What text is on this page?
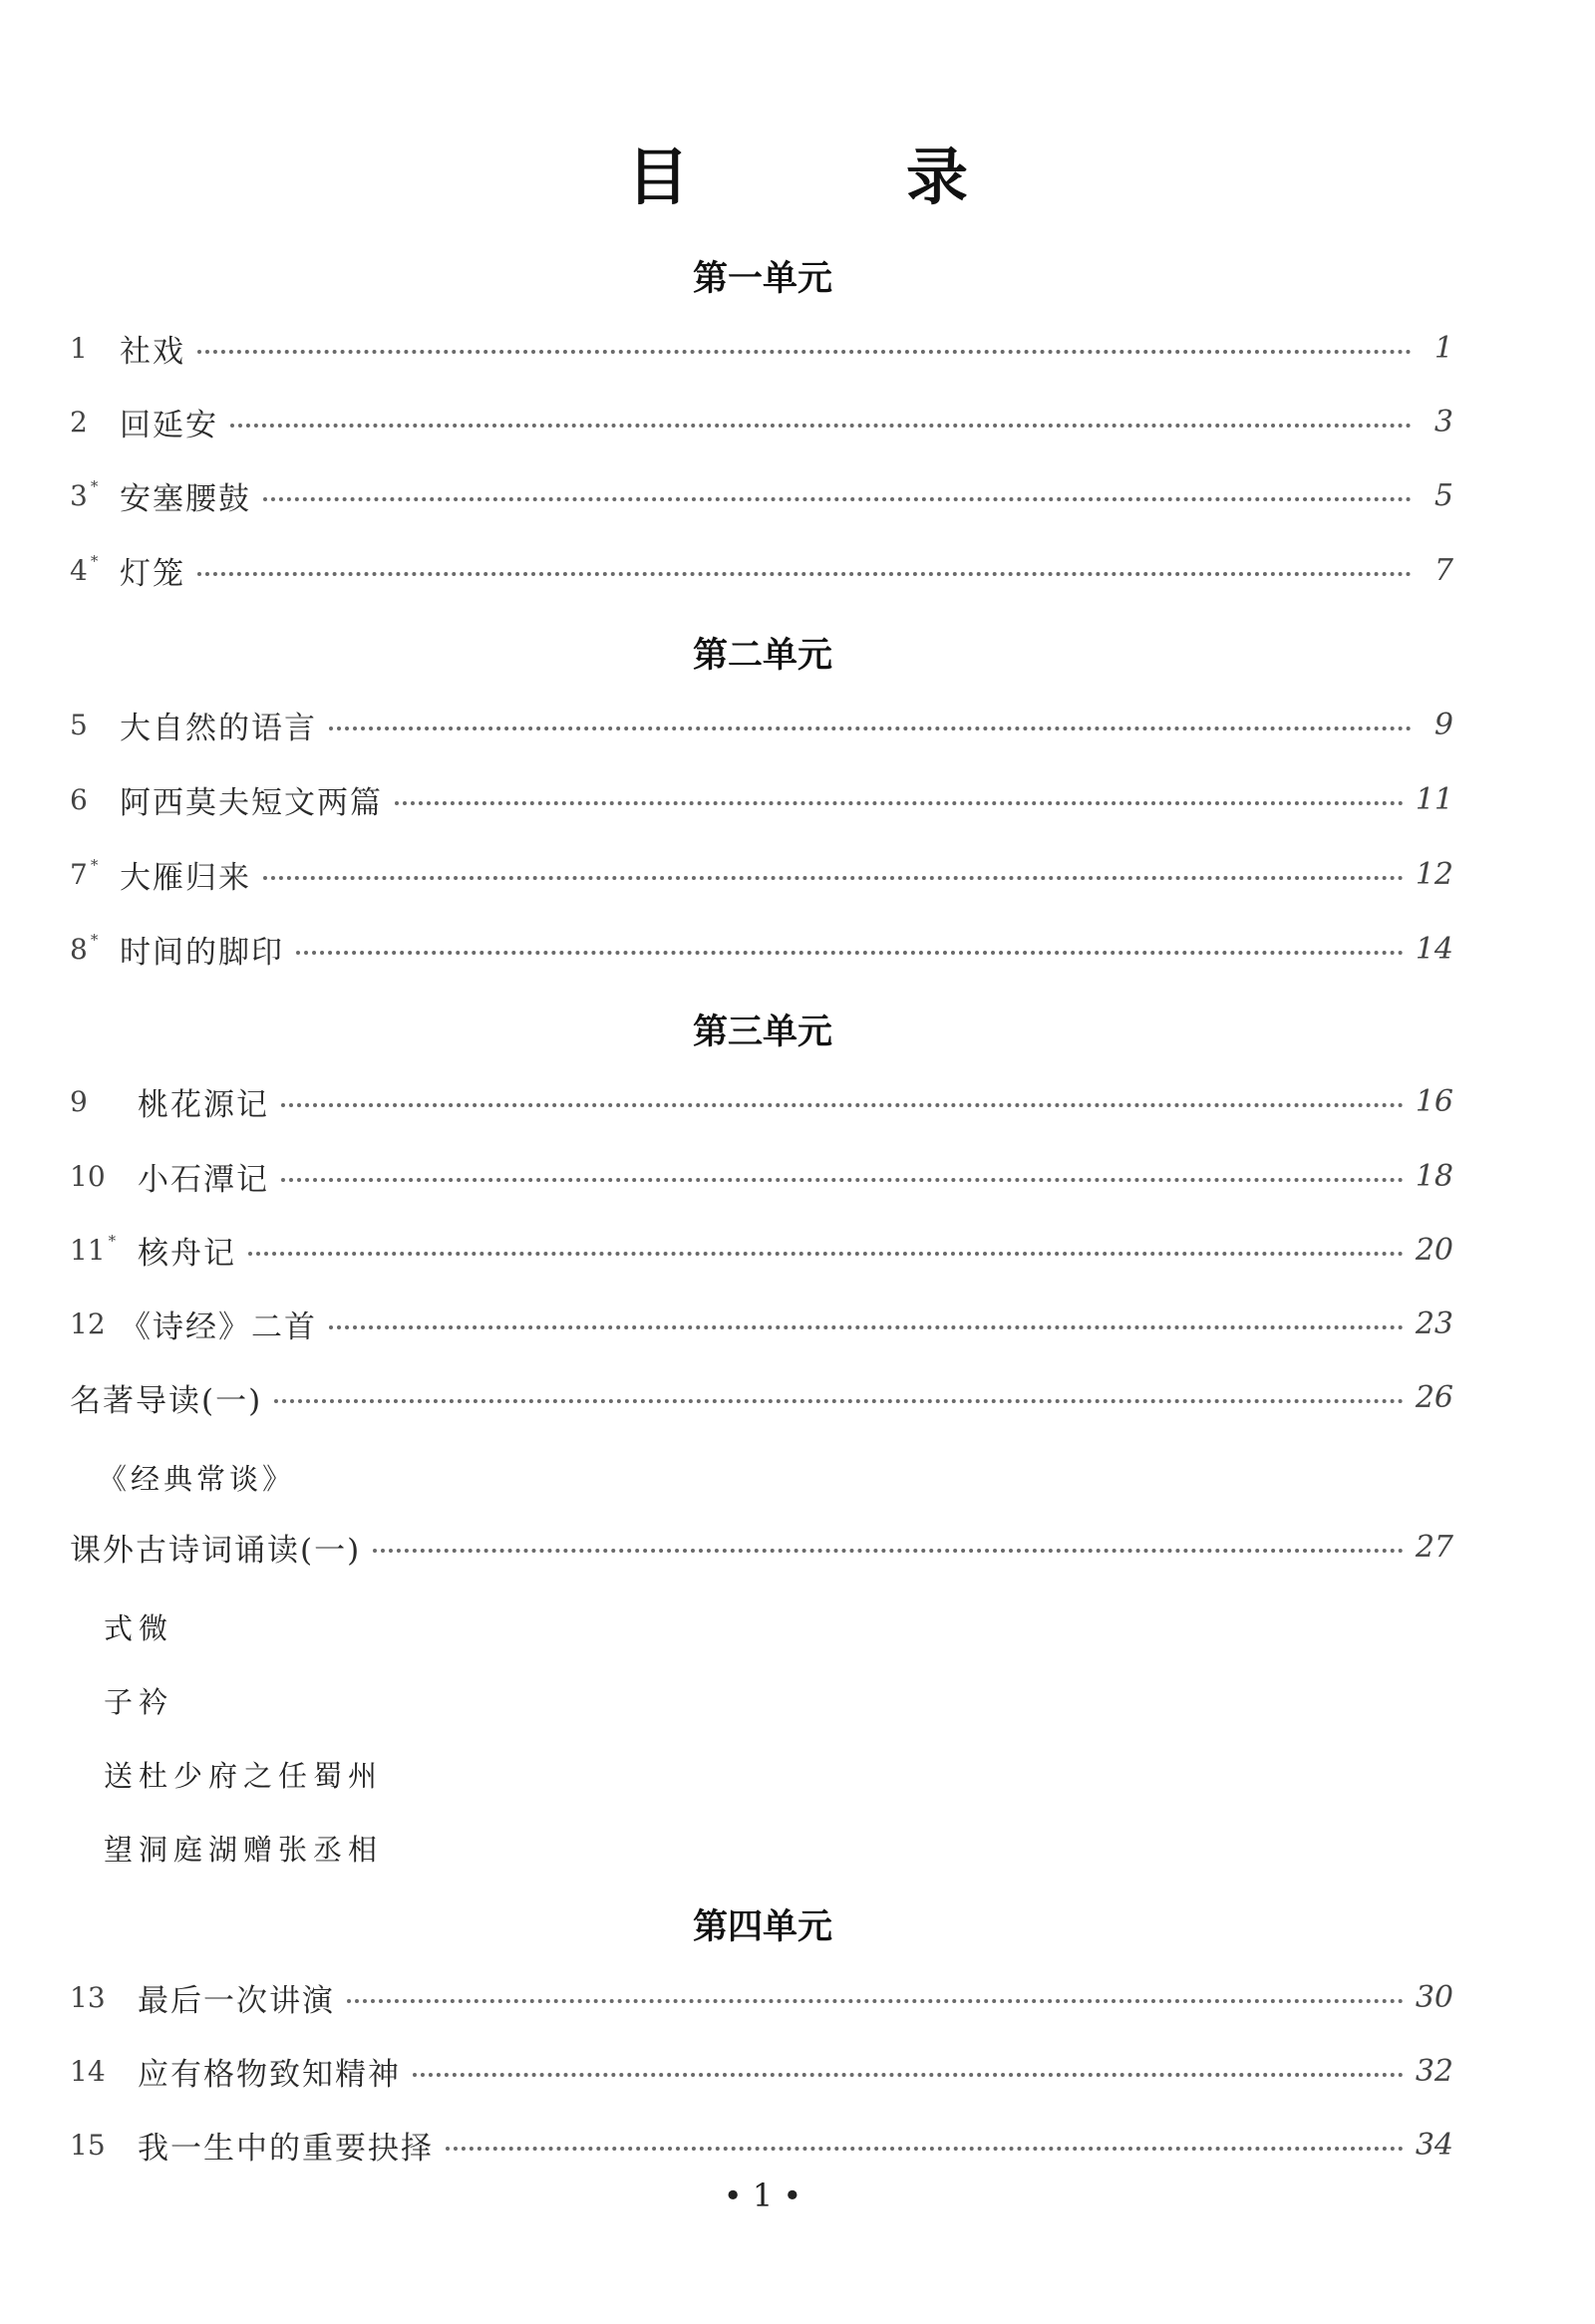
目　录
第一单元
1	社戏	1
2	回延安	3
3 * 安塞腰鼓	5
4 * 灯笼	7
第二单元
5	大自然的语言	9
6	阿西莫夫短文两篇	11
7 * 大雁归来	12
8 * 时间的脚印	14
第三单元
9	桃花源记	16
10	小石潭记	18
11 * 核舟记	20
12 《诗经》二首	23
名著导读(一)	26
《经典常谈》
课外古诗词诵读(一)	27
式微
子衿
送杜少府之任蜀州
望洞庭湖赠张丞相
第四单元
13	最后一次讲演	30
14	应有格物致知精神	32
15	我一生中的重要抉择	34
• 1 •
